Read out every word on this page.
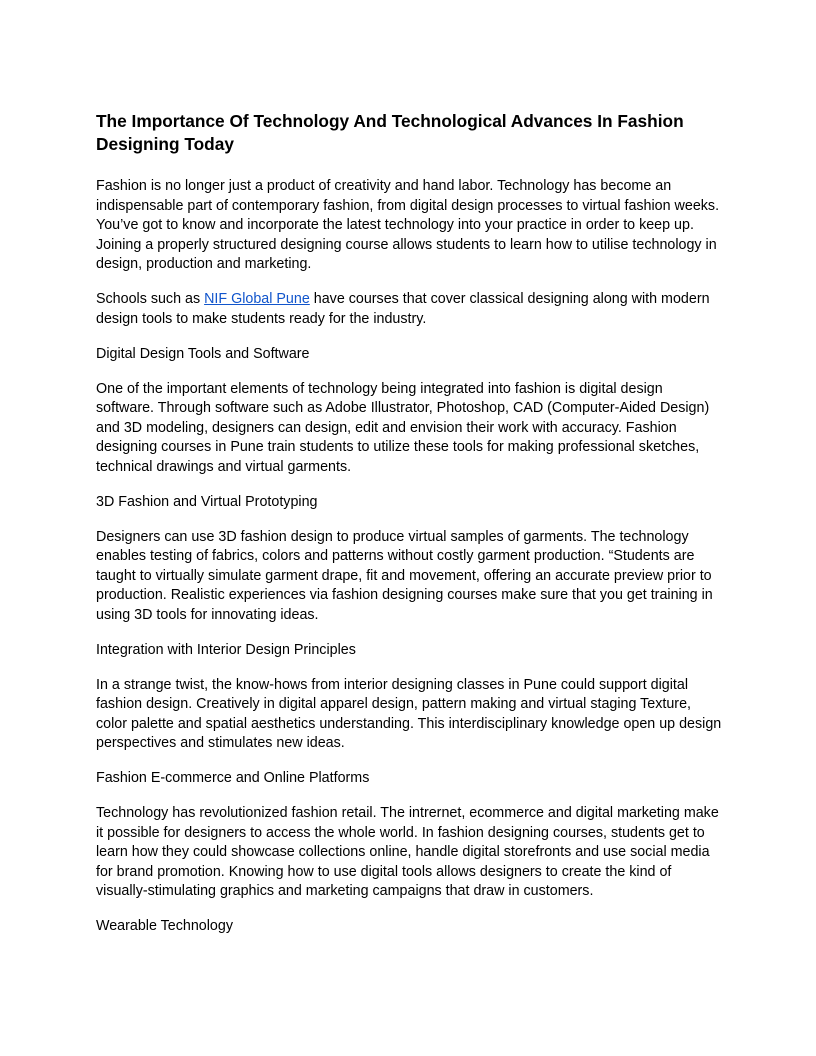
The Importance Of Technology And Technological Advances In Fashion Designing Today

Fashion is no longer just a product of creativity and hand labor. Technology has become an indispensable part of contemporary fashion, from digital design processes to virtual fashion weeks. You’ve got to know and incorporate the latest technology into your practice in order to keep up. Joining a properly structured designing course allows students to learn how to utilise technology in design, production and marketing.

Schools such as NIF Global Pune have courses that cover classical designing along with modern design tools to make students ready for the industry.

Digital Design Tools and Software

One of the important elements of technology being integrated into fashion is digital design software. Through software such as Adobe Illustrator, Photoshop, CAD (Computer-Aided Design) and 3D modeling, designers can design, edit and envision their work with accuracy. Fashion designing courses in Pune train students to utilize these tools for making professional sketches, technical drawings and virtual garments.

3D Fashion and Virtual Prototyping

Designers can use 3D fashion design to produce virtual samples of garments. The technology enables testing of fabrics, colors and patterns without costly garment production. “Students are taught to virtually simulate garment drape, fit and movement, offering an accurate preview prior to production. Realistic experiences via fashion designing courses make sure that you get training in using 3D tools for innovating ideas.

Integration with Interior Design Principles

In a strange twist, the know-hows from interior designing classes in Pune could support digital fashion design. Creatively in digital apparel design, pattern making and virtual staging Texture, color palette and spatial aesthetics understanding. This interdisciplinary knowledge open up design perspectives and stimulates new ideas.

Fashion E-commerce and Online Platforms

Technology has revolutionized fashion retail. The intrernet, ecommerce and digital marketing make it possible for designers to access the whole world. In fashion designing courses, students get to learn how they could showcase collections online, handle digital storefronts and use social media for brand promotion. Knowing how to use digital tools allows designers to create the kind of visually-stimulating graphics and marketing campaigns that draw in customers.

Wearable Technology
